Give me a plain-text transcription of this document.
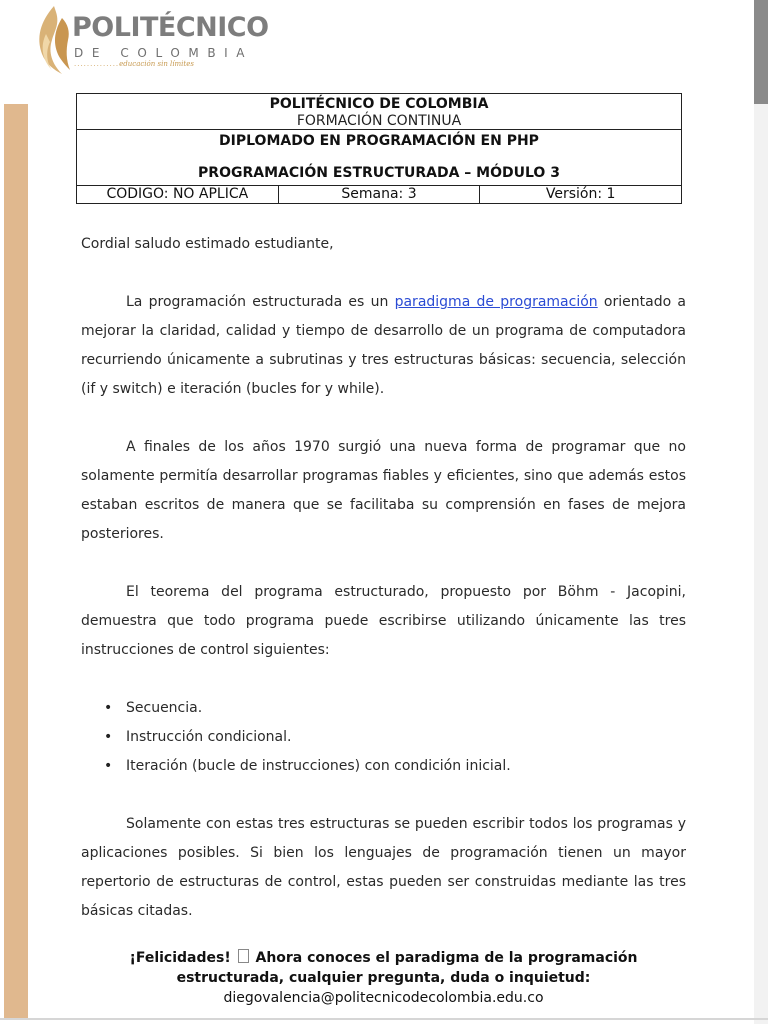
POLITÉCNICO
DE COLOMBIA
..............educación sin límites
POLITÉCNICO DE COLOMBIA
FORMACIÓN CONTINUA
DIPLOMADO EN PROGRAMACIÓN EN PHP
PROGRAMACIÓN ESTRUCTURADA – MÓDULO 3
CODIGO: NO APLICA	Semana: 3	Versión: 1

Cordial saludo estimado estudiante,

La programación estructurada es un paradigma de programación orientado a mejorar la claridad, calidad y tiempo de desarrollo de un programa de computadora recurriendo únicamente a subrutinas y tres estructuras básicas: secuencia, selección (if y switch) e iteración (bucles for y while).

A finales de los años 1970 surgió una nueva forma de programar que no solamente permitía desarrollar programas fiables y eficientes, sino que además estos estaban escritos de manera que se facilitaba su comprensión en fases de mejora posteriores.

El teorema del programa estructurado, propuesto por Böhm - Jacopini, demuestra que todo programa puede escribirse utilizando únicamente las tres instrucciones de control siguientes:

• Secuencia.
• Instrucción condicional.
• Iteración (bucle de instrucciones) con condición inicial.

Solamente con estas tres estructuras se pueden escribir todos los programas y aplicaciones posibles. Si bien los lenguajes de programación tienen un mayor repertorio de estructuras de control, estas pueden ser construidas mediante las tres básicas citadas.

¡Felicidades!  Ahora conoces el paradigma de la programación
estructurada, cualquier pregunta, duda o inquietud:
diegovalencia@politecnicodecolombia.edu.co
